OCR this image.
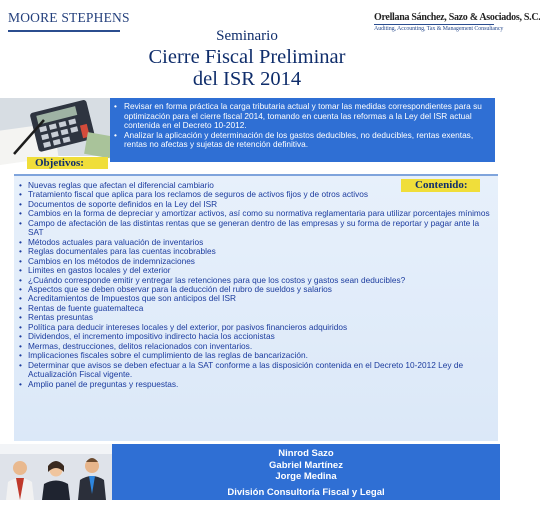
MOORE STEPHENS	Orellana Sánchez, Sazo & Asociados, S.C.
Auditing, Accounting, Tax & Management Consultancy
Seminario
Cierre Fiscal Preliminar
del ISR 2014
• Revisar en forma práctica la carga tributaria actual y tomar las medidas correspondientes para su optimización para el cierre fiscal 2014, tomando en cuenta las reformas a la Ley del ISR actual contenida en el Decreto 10-2012.
• Analizar la aplicación y determinación de los gastos deducibles, no deducibles, rentas exentas, rentas no afectas y sujetas de retención definitiva.
Objetivos:
Contenido:
• Nuevas reglas que afectan el diferencial cambiario
• Tratamiento fiscal que aplica para los reclamos de seguros de activos fijos y de otros activos
• Documentos de soporte definidos en la Ley del ISR
• Cambios en la forma de depreciar y amortizar activos, así como su normativa reglamentaria para utilizar porcentajes mínimos
• Campo de afectación de las distintas rentas que se generan dentro de las empresas y su forma de reportar y pagar ante la SAT
• Métodos actuales para valuación de inventarios
• Reglas documentales para las cuentas incobrables
• Cambios en los métodos de indemnizaciones
• Limites en gastos locales y del exterior
• ¿Cuándo corresponde emitir y entregar las retenciones para que los costos y gastos sean deducibles?
• Aspectos que se deben observar para la deducción del rubro de sueldos y salarios
• Acreditamientos de Impuestos que son anticipos del ISR
• Rentas de fuente guatemalteca
• Rentas presuntas
• Política para deducir intereses locales y del exterior, por pasivos financieros adquiridos
• Dividendos, el incremento impositivo indirecto hacia los accionistas
• Mermas, destrucciones, delitos relacionados con inventarios.
• Implicaciones fiscales sobre el cumplimiento de las reglas de bancarización.
• Determinar que avisos se deben efectuar a la SAT conforme a las disposición contenida en el Decreto 10-2012 Ley de Actualización Fiscal vigente.
• Amplio panel de preguntas y respuestas.
Ninrod Sazo
Gabriel Martínez
Jorge Medina
División Consultoría Fiscal y Legal
